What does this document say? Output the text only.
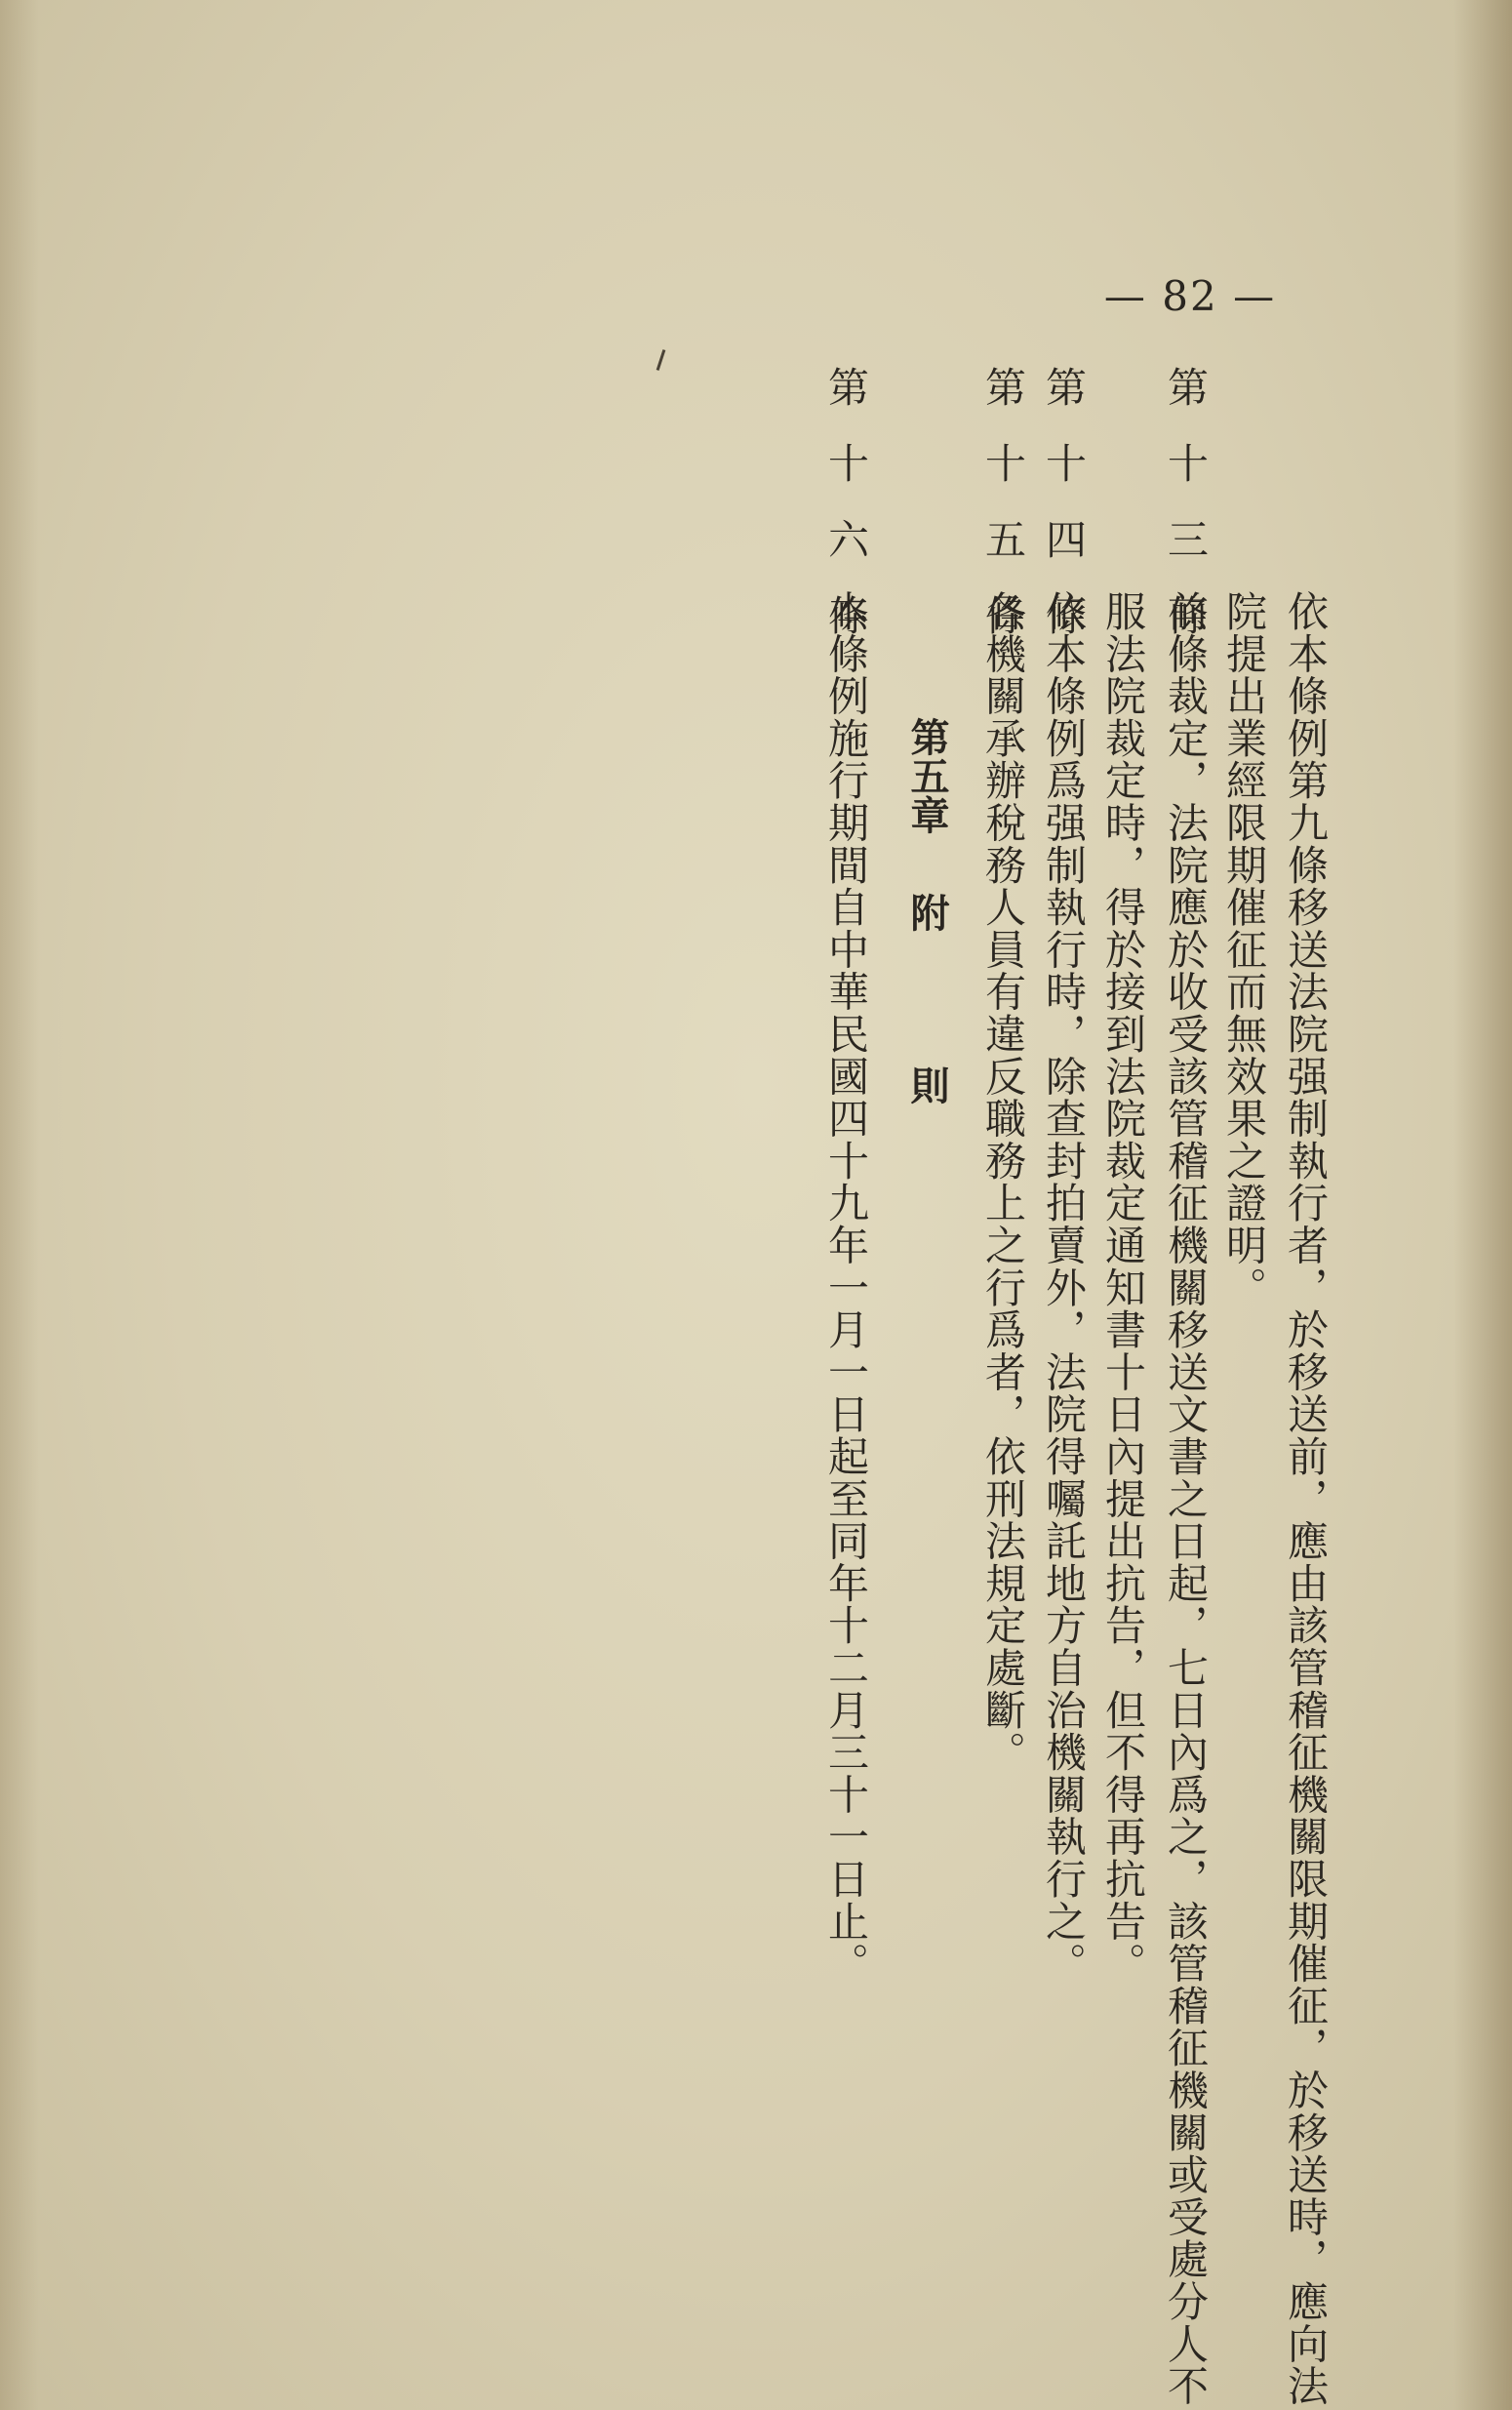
— 82 —
依本條例第九條移送法院强制執行者，於移送前，應由該管稽征機關限期催征，於移送時，應向法
院提出業經限期催征而無效果之證明。
第十三條
前條裁定，法院應於收受該管稽征機關移送文書之日起，七日內爲之，該管稽征機關或受處分人不
服法院裁定時，得於接到法院裁定通知書十日內提出抗告，但不得再抗告。
第十四條
依本條例爲强制執行時，除查封拍賣外，法院得囑託地方自治機關執行之。
第十五條
各機關承辦稅務人員有違反職務上之行爲者，依刑法規定處斷。
第五章
附
則
第十六條
本條例施行期間自中華民國四十九年一月一日起至同年十二月三十一日止。
